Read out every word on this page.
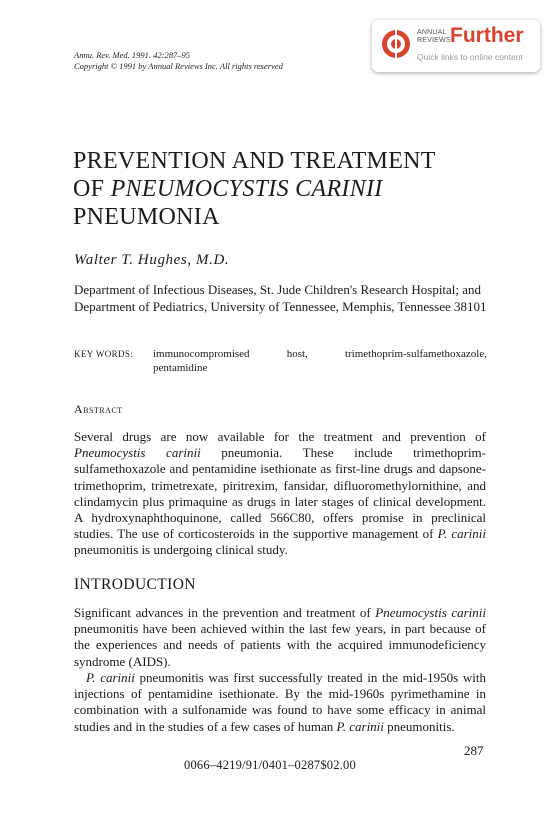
Annu. Rev. Med. 1991. 42:287–95
Copyright © 1991 by Annual Reviews Inc. All rights reserved
ANNUAL
REVIEWS Further
Quick links to online content
PREVENTION AND TREATMENT
OF PNEUMOCYSTIS CARINII
PNEUMONIA
Walter T. Hughes, M.D.
Department of Infectious Diseases, St. Jude Children's Research Hospital; and Department of Pediatrics, University of Tennessee, Memphis, Tennessee 38101
KEY WORDS: immunocompromised host, trimethoprim-sulfamethoxazole,
pentamidine
Abstract
Several drugs are now available for the treatment and prevention of Pneumocystis carinii pneumonia. These include trimethoprim-sulfamethoxazole and pentamidine isethionate as first-line drugs and dapsone-trimethoprim, trimetrexate, piritrexim, fansidar, difluoromethylornithine, and clindamycin plus primaquine as drugs in later stages of clinical development. A hydroxynaphthoquinone, called 566C80, offers promise in preclinical studies. The use of corticosteroids in the supportive management of P. carinii pneumonitis is undergoing clinical study.
INTRODUCTION
Significant advances in the prevention and treatment of Pneumocystis carinii pneumonitis have been achieved within the last few years, in part because of the experiences and needs of patients with the acquired immunodeficiency syndrome (AIDS).
P. carinii pneumonitis was first successfully treated in the mid-1950s with injections of pentamidine isethionate. By the mid-1960s pyrimethamine in combination with a sulfonamide was found to have some efficacy in animal studies and in the studies of a few cases of human P. carinii pneumonitis.
287
0066–4219/91/0401–0287$02.00
